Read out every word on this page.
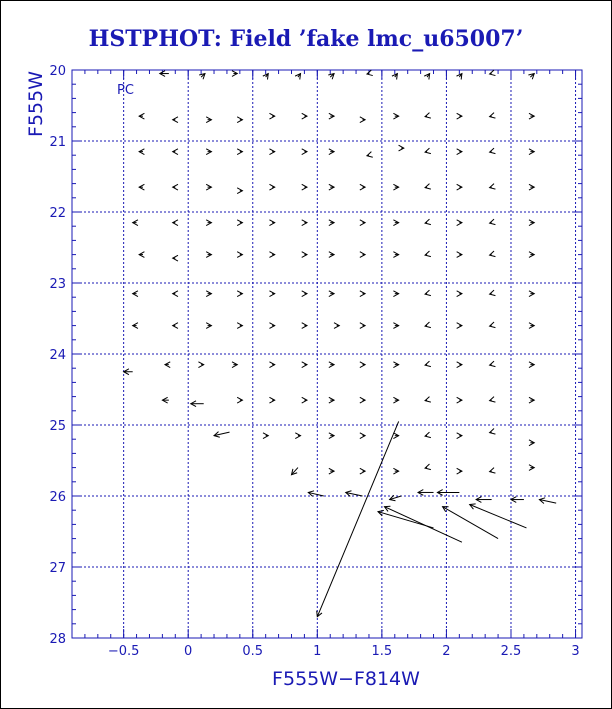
−0.5	0	0.5	1	1.5	2	2.5	3
20
21
22
23
24
25
26
27
28
HSTPHOT: Field ’fake lmc_u65007’
F555W−F814W
F555W	PC
